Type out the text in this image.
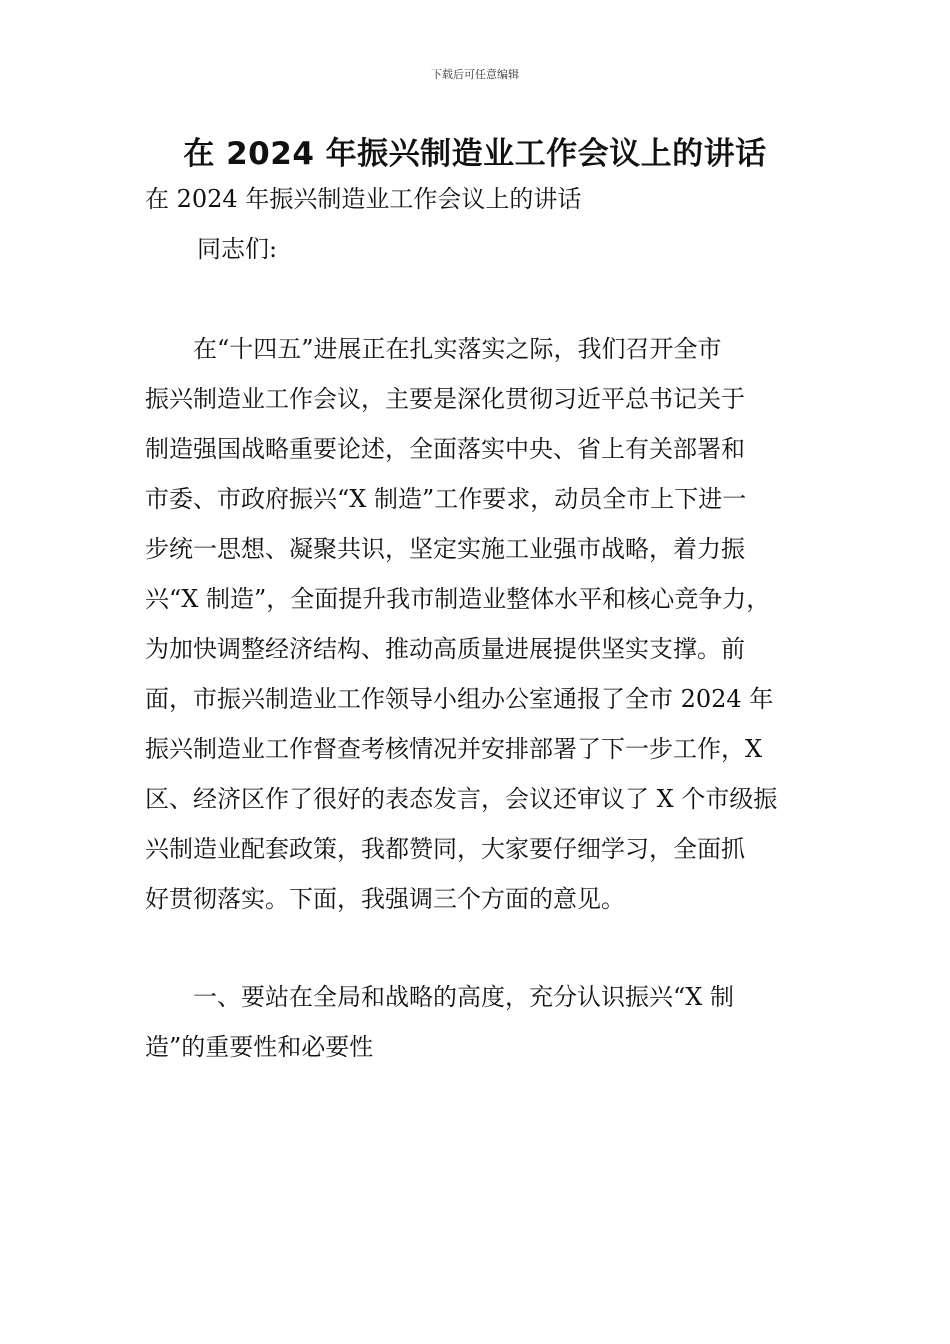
下载后可任意编辑
在 2024 年振兴制造业工作会议上的讲话
在 2024 年振兴制造业工作会议上的讲话
同志们:
　　在“十四五”进展正在扎实落实之际，我们召开全市
振兴制造业工作会议，主要是深化贯彻习近平总书记关于
制造强国战略重要论述，全面落实中央、省上有关部署和
市委、市政府振兴“X 制造”工作要求，动员全市上下进一
步统一思想、凝聚共识，坚定实施工业强市战略，着力振
兴“X 制造”，全面提升我市制造业整体水平和核心竞争力，
为加快调整经济结构、推动高质量进展提供坚实支撑。前
面，市振兴制造业工作领导小组办公室通报了全市 2024 年
振兴制造业工作督查考核情况并安排部署了下一步工作，X
区、经济区作了很好的表态发言，会议还审议了 X 个市级振
兴制造业配套政策，我都赞同，大家要仔细学习，全面抓
好贯彻落实。下面，我强调三个方面的意见。
　　一、要站在全局和战略的高度，充分认识振兴“X 制
造”的重要性和必要性
